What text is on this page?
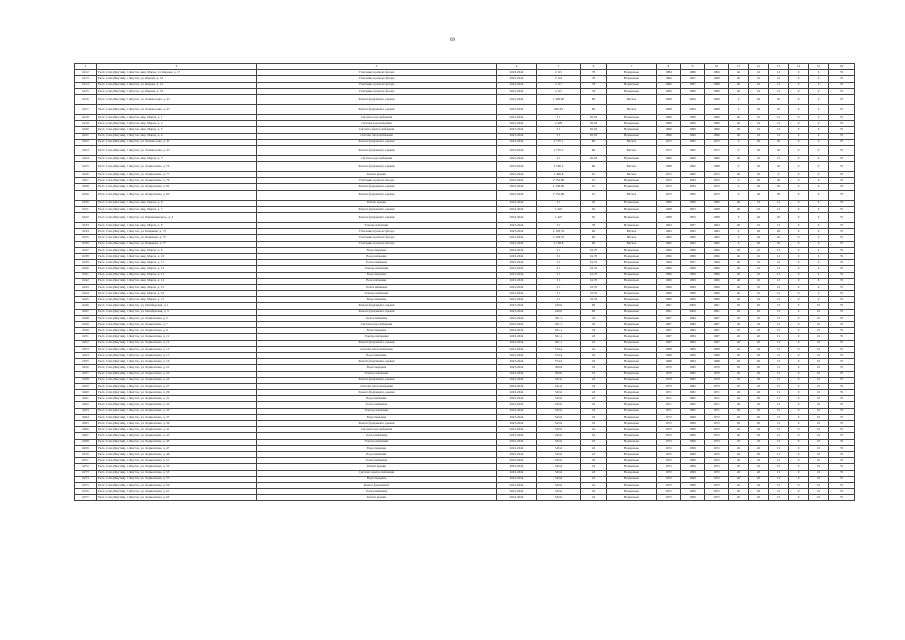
69
1	2	3	4	5	6	7	8	9	10	11	12	13	14	15	16
6212	Респ. Саха (Якутия), г. Якутск, мкр. Марха, ул. Кирова, д. 17	Утепление и ремонт фасада	2023-2024	2 115	78	Нормально	1984	1986	1996	40	16	12	0	6	70
6213	Респ. Саха (Якутия), г. Якутск, ул. Кирова, д. 19	Утепление и ремонт фасада	2023-2024	2 116	78	Нормально	1996	1997	1998	40	16	12	0	6	70
6214	Респ. Саха (Якутия), г. Якутск, ул. Кирова, д. 21	Утепление и ремонт фасада	2023-2024	2 117	78	Нормально	1996	1997	1998	40	16	12	0	6	70
6215	Респ. Саха (Якутия), г. Якутск, ул. Кирова, д. 23	Утепление и ремонт фасада	2023-2024	2 115	78	Нормально	1984	1986	1996	40	16	12	0	6	70
6216	Респ. Саха (Якутия), г. Якутск, ул. Ломоносова, д. 25	Ремонт фундамента, крыши	2023-2024	1 396,60	86	Ветхое	1968	2004	1968	0	40	20	0	0	70
6217	Респ. Саха (Якутия), г. Якутск, ул. Ломоносова, д. 27	Ремонт фундамента, крыши	2023-2024	926,63	86	Ветхое	1968	2004	1968	0	40	20	0	0	70
6218	Респ. Саха (Якутия), г. Якутск, мкр. Марха, д. 1	Система водоснабжения	2023-2024	3 1	65,03	Нормально	1996	1999	1996	40	16	12	0	6	70
6219	Респ. Саха (Якутия), г. Якутск, мкр. Марха, д. 2	Система водоотведения	2023-2024	2 428	65,03	Нормально	1996	1999	1996	40	16	12	0	6	70
6220	Респ. Саха (Якутия), г. Якутск, мкр. Марха, д. 3	Система электроснабжения	2023-2024	3 1	65,03	Нормально	1996	1999	1996	40	16	12	0	6	70
6221	Респ. Саха (Якутия), г. Якутск, мкр. Марха, д. 4	Система теплоснабжения	2023-2024	3 1	65,03	Нормально	1996	1999	1996	40	16	12	0	6	70
6222	Респ. Саха (Якутия), г. Якутск, ул. Ломоносова, д. 31	Ремонт фундамента, крыши	2023-2024	2 755,1	86	Ветхое	1972	1982	1972	0	40	20	0	0	70
6223	Респ. Саха (Якутия), г. Якутск, ул. Ломоносова, д. 33	Ремонт фундамента, крыши	2023-2024	2 755,1	86	Ветхое	1972	1982	1972	0	40	20	0	0	70
6224	Респ. Саха (Якутия), г. Якутск, мкр. Марха, д. 5	Система водоснабжения	2023-2024	3 1	65,03	Нормально	1996	1999	1996	40	16	12	0	6	70
6225	Респ. Саха (Якутия), г. Якутск, ул. Лермонтова, д. 75	Ремонт фундамента, крыши	2023-2024	2 180,5	86	Ветхое	1968	1992	1968	0	40	20	0	0	70
6226	Респ. Саха (Якутия), г. Якутск, ул. Лермонтова, д. 77	Ремонт крыши	2023-2024	2 499,8	61	Ветхое	1972	1992	1972	40	20	0	0	0	70
6227	Респ. Саха (Якутия), г. Якутск, ул. Лермонтова, д. 79	Утепление и ремонт фасада	2023-2024	2 752,68	61	Нормально	1972	1994	1972	0	40	20	0	6	70
6228	Респ. Саха (Якутия), г. Якутск, ул. Лермонтова, д. 81	Ремонт фундамента, крыши	2023-2024	2 138,96	61	Нормально	1972	1994	1972	0	40	20	0	6	70
6229	Респ. Саха (Якутия), г. Якутск, ул. Лермонтова, д. 83	Ремонт фундамента, крыши	2023-2024	2 752,68	61	Ветхое	1972	1992	1972	0	40	20	0	6	70
6230	Респ. Саха (Якутия), г. Якутск, мкр. Марха, д. 6	Ремонт крыши	2023-2024	3 1	65	Нормально	1996	1999	1996	40	16	12	0	6	70
6231	Респ. Саха (Якутия), г. Якутск, мкр. Марха, д. 7	Ремонт фундамента, крыши	2023-2024	1 425	65	Нормально	1968	1993	1968	40	16	12	0	6	70
6232	Респ. Саха (Якутия), г. Якутск, ул. Чернышевского, д. 3	Ремонт фундамента, крыши	2023-2024	1 425	65	Нормально	1968	1993	1968	0	40	20	0	6	70
6233	Респ. Саха (Якутия), г. Якутск, мкр. Марха, д. 8	Электроснабжение	2023-2024	3 1	78	Нормально	1994	1997	1994	40	16	12	0	6	70
6234	Респ. Саха (Якутия), г. Якутск, ул. Пояркова, д. 73	Утепление и ремонт фасада	2023-2024	2 128,76	60	Ветхое	1962	1992	1962	0	40	20	0	6	70
6235	Респ. Саха (Якутия), г. Якутск, ул. Пояркова, д. 75	Утепление и ремонт фасада	2023-2024	2 128,76	60	Ветхое	1962	1992	1962	0	40	20	0	6	70
6236	Респ. Саха (Якутия), г. Якутск, ул. Пояркова, д. 77	Утепление и ремонт фасада	2023-2024	2 158,8	60	Ветхое	1962	1992	1962	0	40	20	0	6	70
6237	Респ. Саха (Якутия), г. Якутск, мкр. Марха, д. 9	Водоотведение	2023-2024	3 1	16,70	Нормально	1996	1999	1996	40	16	12	0	6	70
6238	Респ. Саха (Якутия), г. Якутск, мкр. Марха, д. 10	Водоснабжение	2023-2024	3 1	16,70	Нормально	1996	1999	1996	40	16	12	0	6	70
6239	Респ. Саха (Якутия), г. Якутск, мкр. Марха, д. 11	Теплоснабжение	2023-2024	3 1	16,70	Нормально	1994	1997	1994	40	16	12	0	6	70
6240	Респ. Саха (Якутия), г. Якутск, мкр. Марха, д. 12	Электроснабжение	2023-2024	3 1	16,70	Нормально	1996	1999	1996	40	16	12	0	6	70
6241	Респ. Саха (Якутия), г. Якутск, мкр. Марха, д. 13	Водоотведение	2023-2024	3 1	16,70	Нормально	1996	1999	1996	40	16	12	0	6	70
6242	Респ. Саха (Якутия), г. Якутск, мкр. Марха, д. 14	Водоснабжение	2023-2024	3 1	16,70	Нормально	1996	1999	1996	40	16	12	0	6	70
6243	Респ. Саха (Якутия), г. Якутск, мкр. Марха, д. 15	Теплоснабжение	2023-2024	3 1	16,70	Нормально	1996	1999	1996	40	16	12	0	6	70
6244	Респ. Саха (Якутия), г. Якутск, мкр. Марха, д. 16	Электроснабжение	2023-2024	3 1	16,70	Нормально	1996	1999	1996	40	16	12	0	6	70
6245	Респ. Саха (Якутия), г. Якутск, мкр. Марха, д. 17	Водоотведение	2023-2024	3 1	16,70	Нормально	1996	1999	1996	40	16	12	0	6	70
6246	Респ. Саха (Якутия), г. Якутск, ул. Октябрьская, д. 1	Ремонт фундамента, крыши	2023-2024	240,0	69	Нормально	1991	2009	1991	20	20	15	0	10	70
6247	Респ. Саха (Якутия), г. Якутск, ул. Октябрьская, д. 3	Ремонт фундамента, крыши	2023-2024	240,0	69	Нормально	1991	2009	1991	20	20	15	0	10	70
6248	Респ. Саха (Якутия), г. Якутск, ул. Лермонтова, д. 5	Теплоснабжение	2023-2024	561,1	43	Нормально	1967	1984	1967	20	20	15	0	10	70
6249	Респ. Саха (Якутия), г. Якутск, ул. Лермонтова, д. 7	Система водоснабжения	2023-2024	561,1	43	Нормально	1967	1984	1967	20	20	15	0	10	70
6250	Респ. Саха (Якутия), г. Якутск, ул. Лермонтова, д. 9	Водоотведение	2023-2024	561,1	43	Нормально	1967	1984	1967	20	20	15	0	10	70
6251	Респ. Саха (Якутия), г. Якутск, ул. Лермонтова, д. 11	Электроснабжение	2023-2024	561,1	43	Нормально	1967	1984	1967	20	20	15	0	10	70
6252	Респ. Саха (Якутия), г. Якутск, ул. Лермонтова, д. 13	Ремонт фундамента, крыши	2023-2024	561,1	43	Нормально	1967	1984	1967	20	20	15	0	10	70
6253	Респ. Саха (Якутия), г. Якутск, ул. Лермонтова, д. 15	Система теплоснабжения	2023-2024	574,4	43	Нормально	1968	1984	1968	20	20	15	0	10	70
6254	Респ. Саха (Якутия), г. Якутск, ул. Лермонтова, д. 17	Водоснабжение	2023-2024	574,4	43	Нормально	1968	1984	1968	20	20	15	0	10	70
6255	Респ. Саха (Якутия), г. Якутск, ул. Лермонтова, д. 19	Ремонт фундамента, крыши	2023-2024	574,4	43	Нормально	1968	1984	1968	20	20	15	0	10	70
6256	Респ. Саха (Якутия), г. Якутск, ул. Лермонтова, д. 21	Водоотведение	2023-2024	506,8	43	Нормально	1970	1982	1970	20	20	15	0	10	70
6257	Респ. Саха (Якутия), г. Якутск, ул. Лермонтова, д. 23	Электроснабжение	2023-2024	506,8	43	Нормально	1970	1982	1970	20	20	15	0	10	70
6258	Респ. Саха (Якутия), г. Якутск, ул. Лермонтова, д. 25	Ремонт фундамента, крыши	2023-2024	541,6	43	Нормально	1970	1982	1970	20	20	15	0	10	70
6259	Респ. Саха (Якутия), г. Якутск, ул. Лермонтова, д. 27	Система теплоснабжения	2023-2024	541,6	43	Нормально	1970	1982	1970	20	20	15	0	10	70
6260	Респ. Саха (Якутия), г. Якутск, ул. Лермонтова, д. 29	Ремонт фундамента, крыши	2023-2024	545,6	43	Нормально	1971	1982	1971	20	20	15	0	10	70
6261	Респ. Саха (Якутия), г. Якутск, ул. Лермонтова, д. 31	Водоснабжение	2023-2024	545,6	43	Нормально	1971	1982	1971	20	20	15	0	10	70
6262	Респ. Саха (Якутия), г. Якутск, ул. Лермонтова, д. 33	Теплоснабжение	2023-2024	545,6	43	Нормально	1971	1982	1971	20	20	15	0	10	70
6263	Респ. Саха (Якутия), г. Якутск, ул. Лермонтова, д. 35	Электроснабжение	2023-2024	545,6	43	Нормально	1971	1982	1971	20	20	15	0	10	70
6264	Респ. Саха (Якутия), г. Якутск, ул. Лермонтова, д. 37	Водоотведение	2023-2024	545,6	43	Нормально	1972	1999	1972	20	20	15	0	10	70
6265	Респ. Саха (Якутия), г. Якутск, ул. Лермонтова, д. 39	Ремонт фундамента, крыши	2023-2024	545,6	43	Нормально	1972	1999	1972	20	20	15	0	10	70
6266	Респ. Саха (Якутия), г. Якутск, ул. Лермонтова, д. 41	Система водоснабжения	2023-2024	545,6	43	Нормально	1972	1999	1972	20	20	15	0	10	70
6267	Респ. Саха (Якутия), г. Якутск, ул. Лермонтова, д. 43	Теплоснабжение	2023-2024	545,6	43	Нормально	1972	1999	1972	20	20	15	0	10	70
6268	Респ. Саха (Якутия), г. Якутск, ул. Лермонтова, д. 45	Электроснабжение	2023-2024	545,6	43	Нормально	1972	1999	1972	20	20	15	0	10	70
6269	Респ. Саха (Якутия), г. Якутск, ул. Лермонтова, д. 47	Водоотведение	2023-2024	545,6	43	Нормально	1972	1999	1972	20	20	15	0	10	70
6270	Респ. Саха (Якутия), г. Якутск, ул. Лермонтова, д. 49	Водоснабжение	2023-2024	545,6	43	Нормально	1972	1999	1972	20	20	15	0	10	70
6271	Респ. Саха (Якутия), г. Якутск, ул. Лермонтова, д. 51	Теплоснабжение	2023-2024	545,6	43	Нормально	1972	1999	1972	20	20	15	0	10	70
6272	Респ. Саха (Якутия), г. Якутск, ул. Лермонтова, д. 53	Ремонт крыши	2023-2024	545,6	43	Нормально	1972	1999	1972	20	20	15	0	10	70
6273	Респ. Саха (Якутия), г. Якутск, ул. Лермонтова, д. 55	Система электроснабжения	2023-2024	545,6	43	Нормально	1972	1999	1972	20	20	15	0	10	70
6274	Респ. Саха (Якутия), г. Якутск, ул. Лермонтова, д. 57	Водоотведение	2023-2024	545,6	43	Нормально	1972	1999	1972	20	20	15	0	10	70
6275	Респ. Саха (Якутия), г. Якутск, ул. Лермонтова, д. 59	Ремонт фундамента	2023-2024	545,6	43	Нормально	1972	1999	1972	20	20	15	0	10	70
6276	Респ. Саха (Якутия), г. Якутск, ул. Лермонтова, д. 61	Теплоснабжение	2023-2024	545,6	43	Нормально	1972	1999	1972	20	20	15	0	10	70
6277	Респ. Саха (Якутия), г. Якутск, ул. Лермонтова, д. 63	Ремонт крыши	2023-2024	545,6	43	Нормально	1972	1999	1972	20	20	15	0	10	70
